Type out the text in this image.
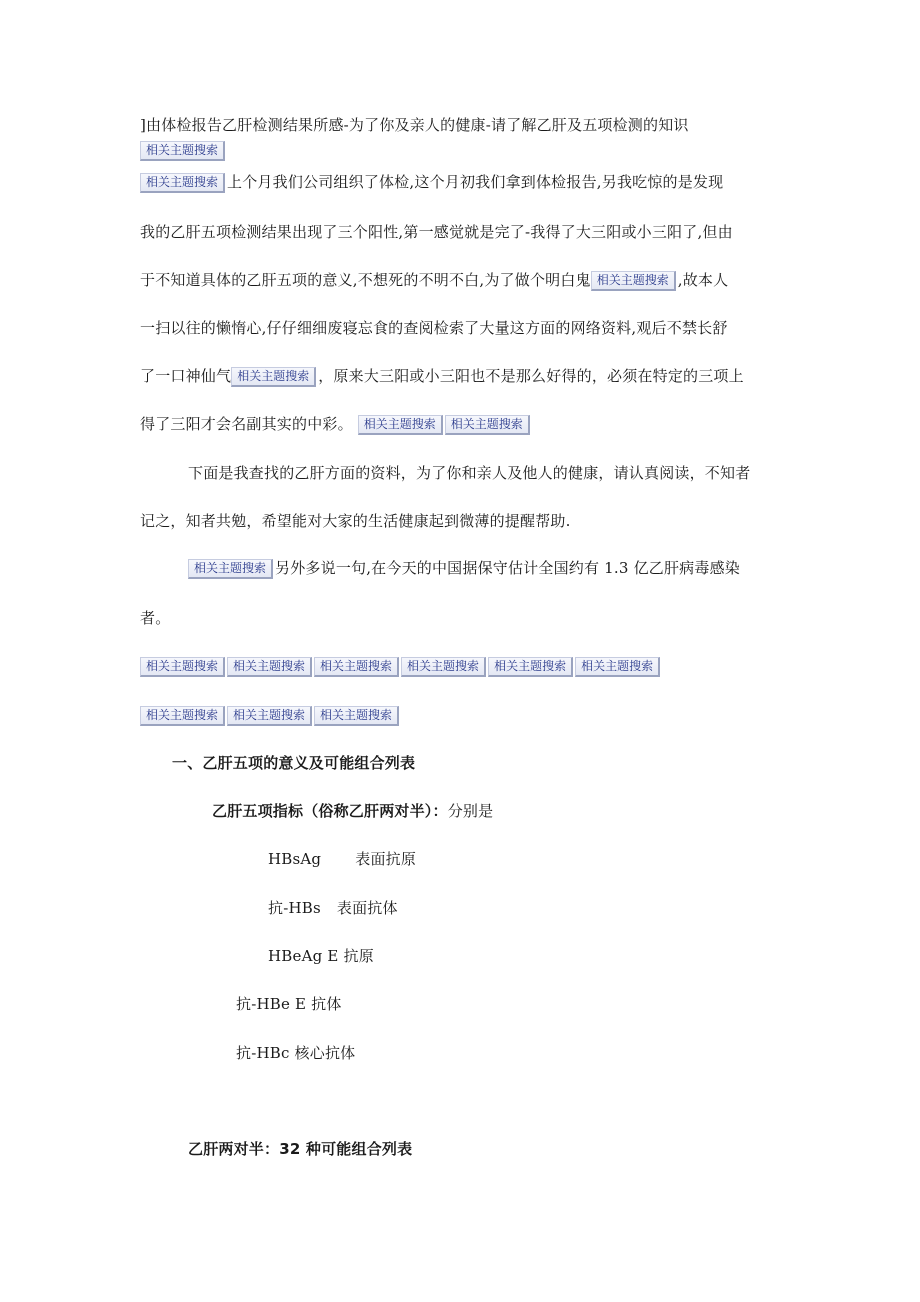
]由体检报告乙肝检测结果所感-为了你及亲人的健康-请了解乙肝及五项检测的知识
相关主题搜索
相关主题搜索 上个月我们公司组织了体检,这个月初我们拿到体检报告,另我吃惊的是发现
我的乙肝五项检测结果出现了三个阳性,第一感觉就是完了-我得了大三阳或小三阳了,但由
于不知道具体的乙肝五项的意义,不想死的不明不白,为了做个明白鬼 相关主题搜索 ,故本人
一扫以往的懒惰心,仔仔细细废寝忘食的查阅检索了大量这方面的网络资料,观后不禁长舒
了一口神仙气 相关主题搜索 ，原来大三阳或小三阳也不是那么好得的，必须在特定的三项上
得了三阳才会名副其实的中彩。 相关主题搜索 相关主题搜索
下面是我查找的乙肝方面的资料，为了你和亲人及他人的健康，请认真阅读，不知者
记之，知者共勉，希望能对大家的生活健康起到微薄的提醒帮助.
相关主题搜索 另外多说一句,在今天的中国据保守估计全国约有 1.3 亿乙肝病毒感染
者。
相关主题搜索 相关主题搜索 相关主题搜索 相关主题搜索 相关主题搜索 相关主题搜索
相关主题搜索 相关主题搜索 相关主题搜索
一、乙肝五项的意义及可能组合列表
乙肝五项指标（俗称乙肝两对半）：分别是
HBsAg 表面抗原
抗-HBs 表面抗体
HBeAg E 抗原
抗-HBe E 抗体
抗-HBc 核心抗体
乙肝两对半：32 种可能组合列表
